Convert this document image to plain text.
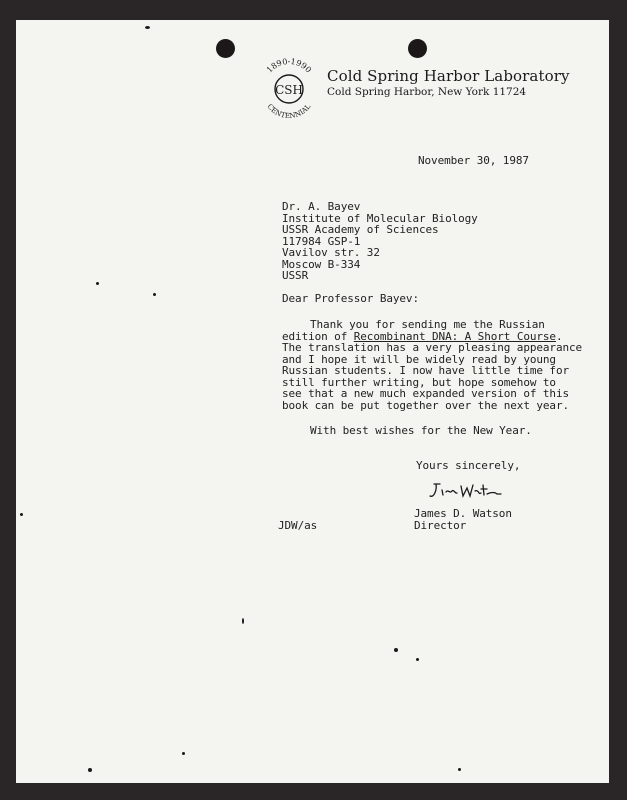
CSH
1890-1990
CENTENNIAL
Cold Spring Harbor Laboratory
Cold Spring Harbor, New York 11724
November 30, 1987
Dr. A. Bayev
Institute of Molecular Biology
USSR Academy of Sciences
117984 GSP-1
Vavilov str. 32
Moscow B-334
USSR
Dear Professor Bayev:
Thank you for sending me the Russian
edition of Recombinant DNA: A Short Course.
The translation has a very pleasing appearance
and I hope it will be widely read by young
Russian students. I now have little time for
still further writing, but hope somehow to
see that a new much expanded version of this
book can be put together over the next year.
With best wishes for the New Year.
Yours sincerely,
James D. Watson
Director
JDW/as
